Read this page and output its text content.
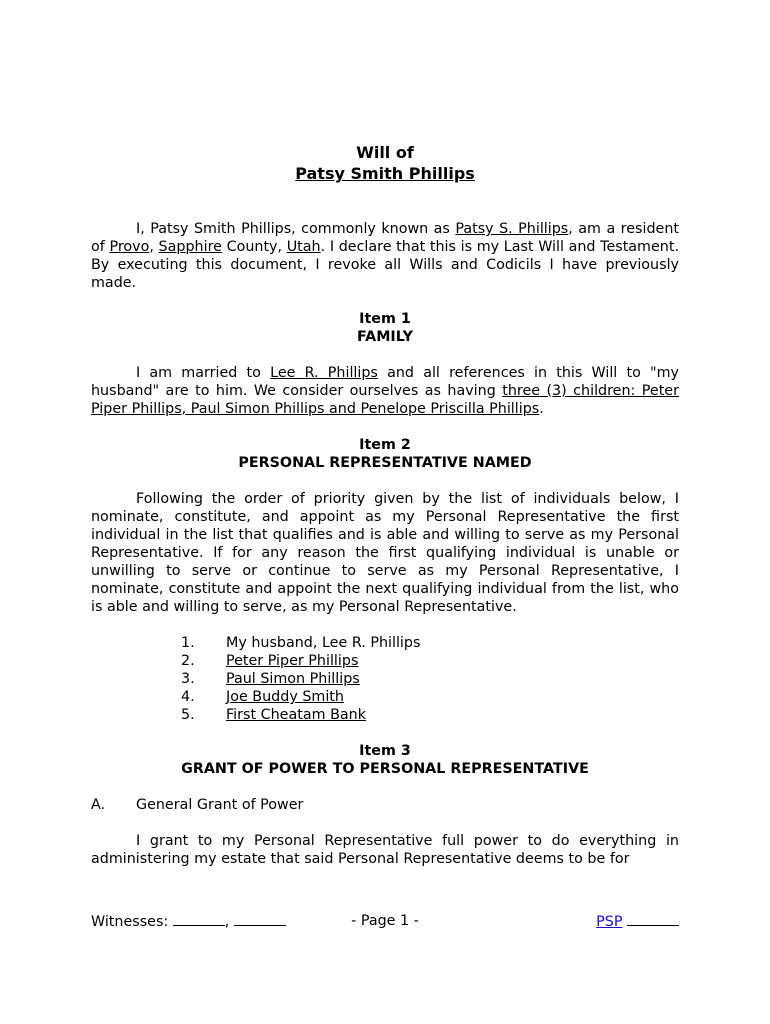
Will of
Patsy Smith Phillips

I, Patsy Smith Phillips, commonly known as Patsy S. Phillips, am a resident of Provo, Sapphire County, Utah. I declare that this is my Last Will and Testament. By executing this document, I revoke all Wills and Codicils I have previously made.

Item 1
FAMILY

I am married to Lee R. Phillips and all references in this Will to "my husband" are to him. We consider ourselves as having three (3) children: Peter Piper Phillips, Paul Simon Phillips and Penelope Priscilla Phillips.

Item 2
PERSONAL REPRESENTATIVE NAMED

Following the order of priority given by the list of individuals below, I nominate, constitute, and appoint as my Personal Representative the first individual in the list that qualifies and is able and willing to serve as my Personal Representative. If for any reason the first qualifying individual is unable or unwilling to serve or continue to serve as my Personal Representative, I nominate, constitute and appoint the next qualifying individual from the list, who is able and willing to serve, as my Personal Representative.

1.	My husband, Lee R. Phillips
2.	Peter Piper Phillips
3.	Paul Simon Phillips
4.	Joe Buddy Smith
5.	First Cheatam Bank
Item 3
GRANT OF POWER TO PERSONAL REPRESENTATIVE
A.	General Grant of Power

I grant to my Personal Representative full power to do everything in administering my estate that said Personal Representative deems to be for

Witnesses:	,	- Page 1 -	PSP
